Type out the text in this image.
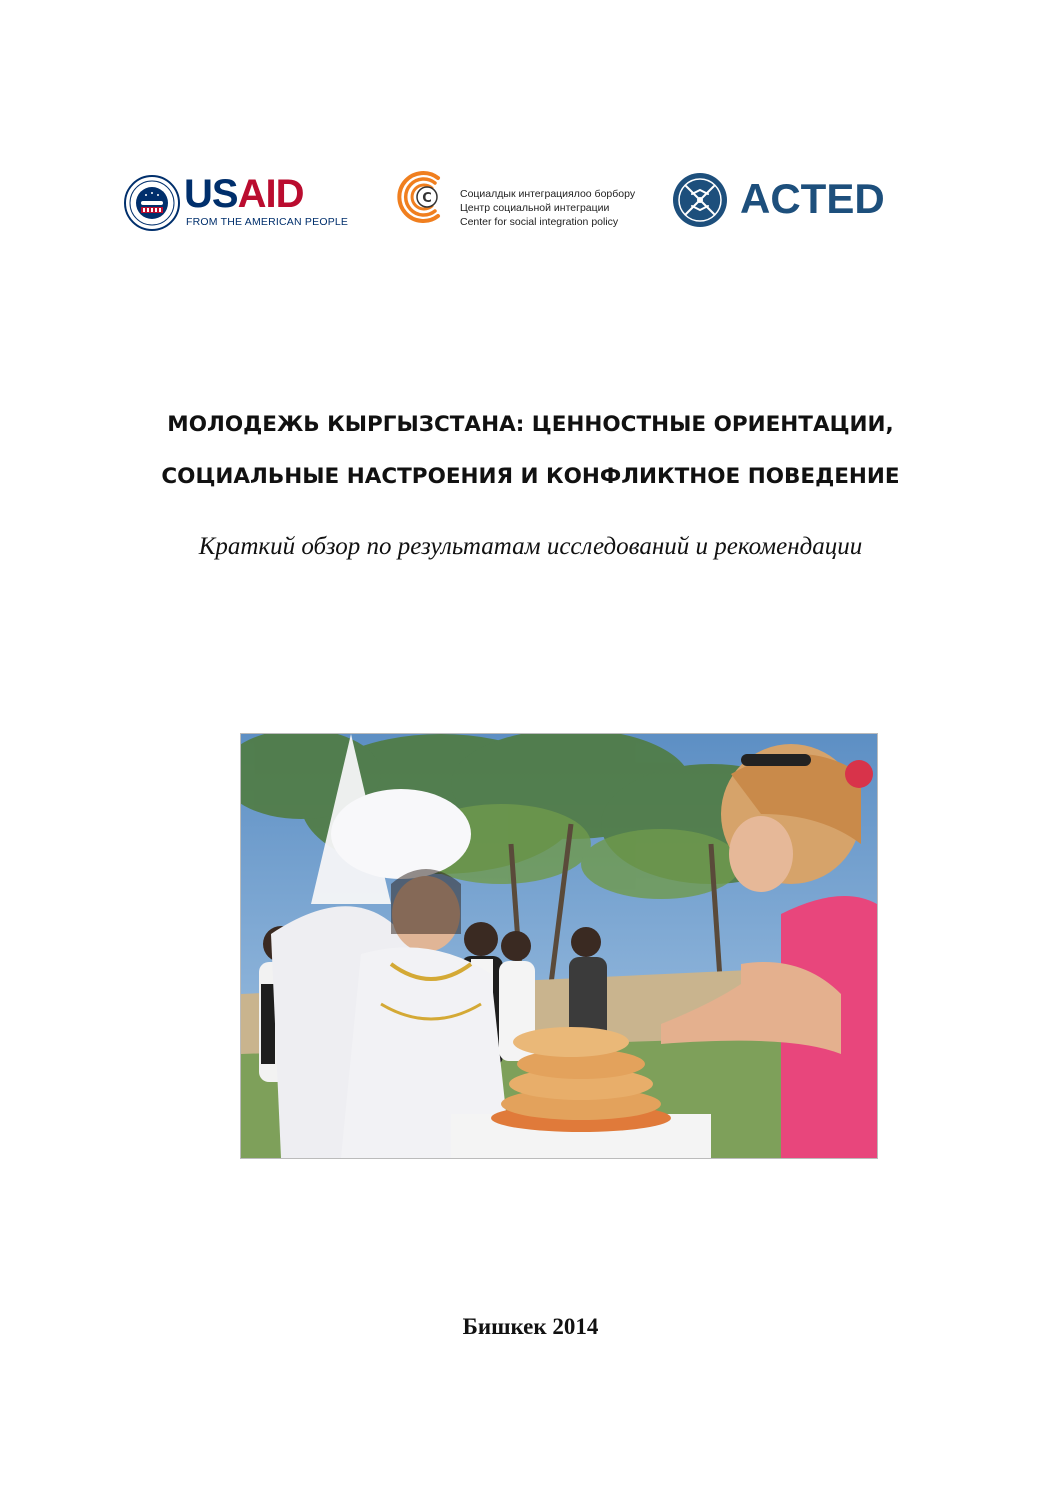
USAID
FROM THE AMERICAN PEOPLE
C	Социалдык интеграциялоо борбору
Центр социальной интеграции
Center for social integration policy	ACTED
МОЛОДЕЖЬ КЫРГЫЗСТАНА: ЦЕННОСТНЫЕ ОРИЕНТАЦИИ,
СОЦИАЛЬНЫЕ НАСТРОЕНИЯ И КОНФЛИКТНОЕ ПОВЕДЕНИЕ
Краткий обзор по результатам исследований и рекомендации
Бишкек 2014
